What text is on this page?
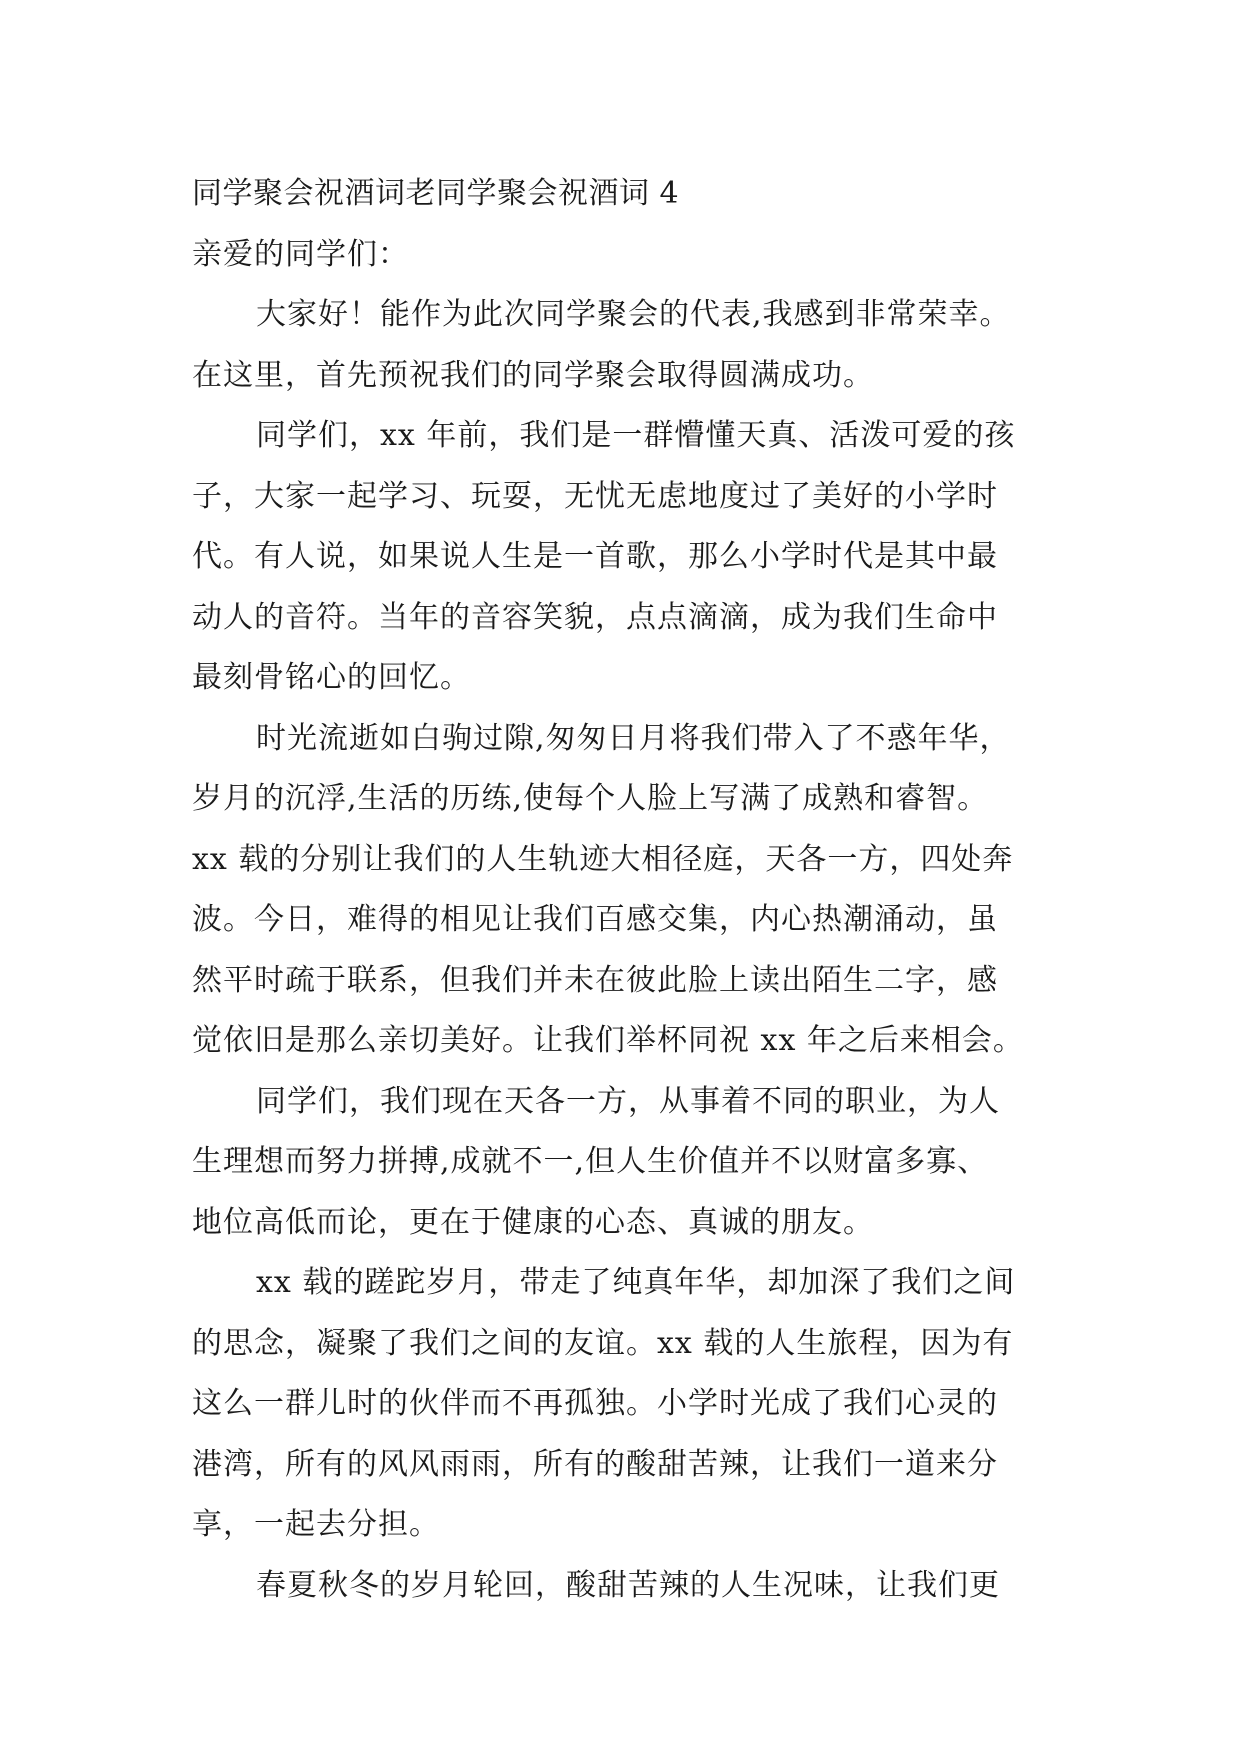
同学聚会祝酒词老同学聚会祝酒词 4
亲爱的同学们：
大家好！能作为此次同学聚会的代表,我感到非常荣幸。
在这里，首先预祝我们的同学聚会取得圆满成功。
同学们，xx 年前，我们是一群懵懂天真、活泼可爱的孩
子，大家一起学习、玩耍，无忧无虑地度过了美好的小学时
代。有人说，如果说人生是一首歌，那么小学时代是其中最
动人的音符。当年的音容笑貌，点点滴滴，成为我们生命中
最刻骨铭心的回忆。
时光流逝如白驹过隙,匆匆日月将我们带入了不惑年华，
岁月的沉浮,生活的历练,使每个人脸上写满了成熟和睿智。
xx 载的分别让我们的人生轨迹大相径庭，天各一方，四处奔
波。今日，难得的相见让我们百感交集，内心热潮涌动，虽
然平时疏于联系，但我们并未在彼此脸上读出陌生二字，感
觉依旧是那么亲切美好。让我们举杯同祝 xx 年之后来相会。
同学们，我们现在天各一方，从事着不同的职业，为人
生理想而努力拼搏,成就不一,但人生价值并不以财富多寡、
地位高低而论，更在于健康的心态、真诚的朋友。
xx 载的蹉跎岁月，带走了纯真年华，却加深了我们之间
的思念，凝聚了我们之间的友谊。xx 载的人生旅程，因为有
这么一群儿时的伙伴而不再孤独。小学时光成了我们心灵的
港湾，所有的风风雨雨，所有的酸甜苦辣，让我们一道来分
享，一起去分担。
春夏秋冬的岁月轮回，酸甜苦辣的人生况味，让我们更
